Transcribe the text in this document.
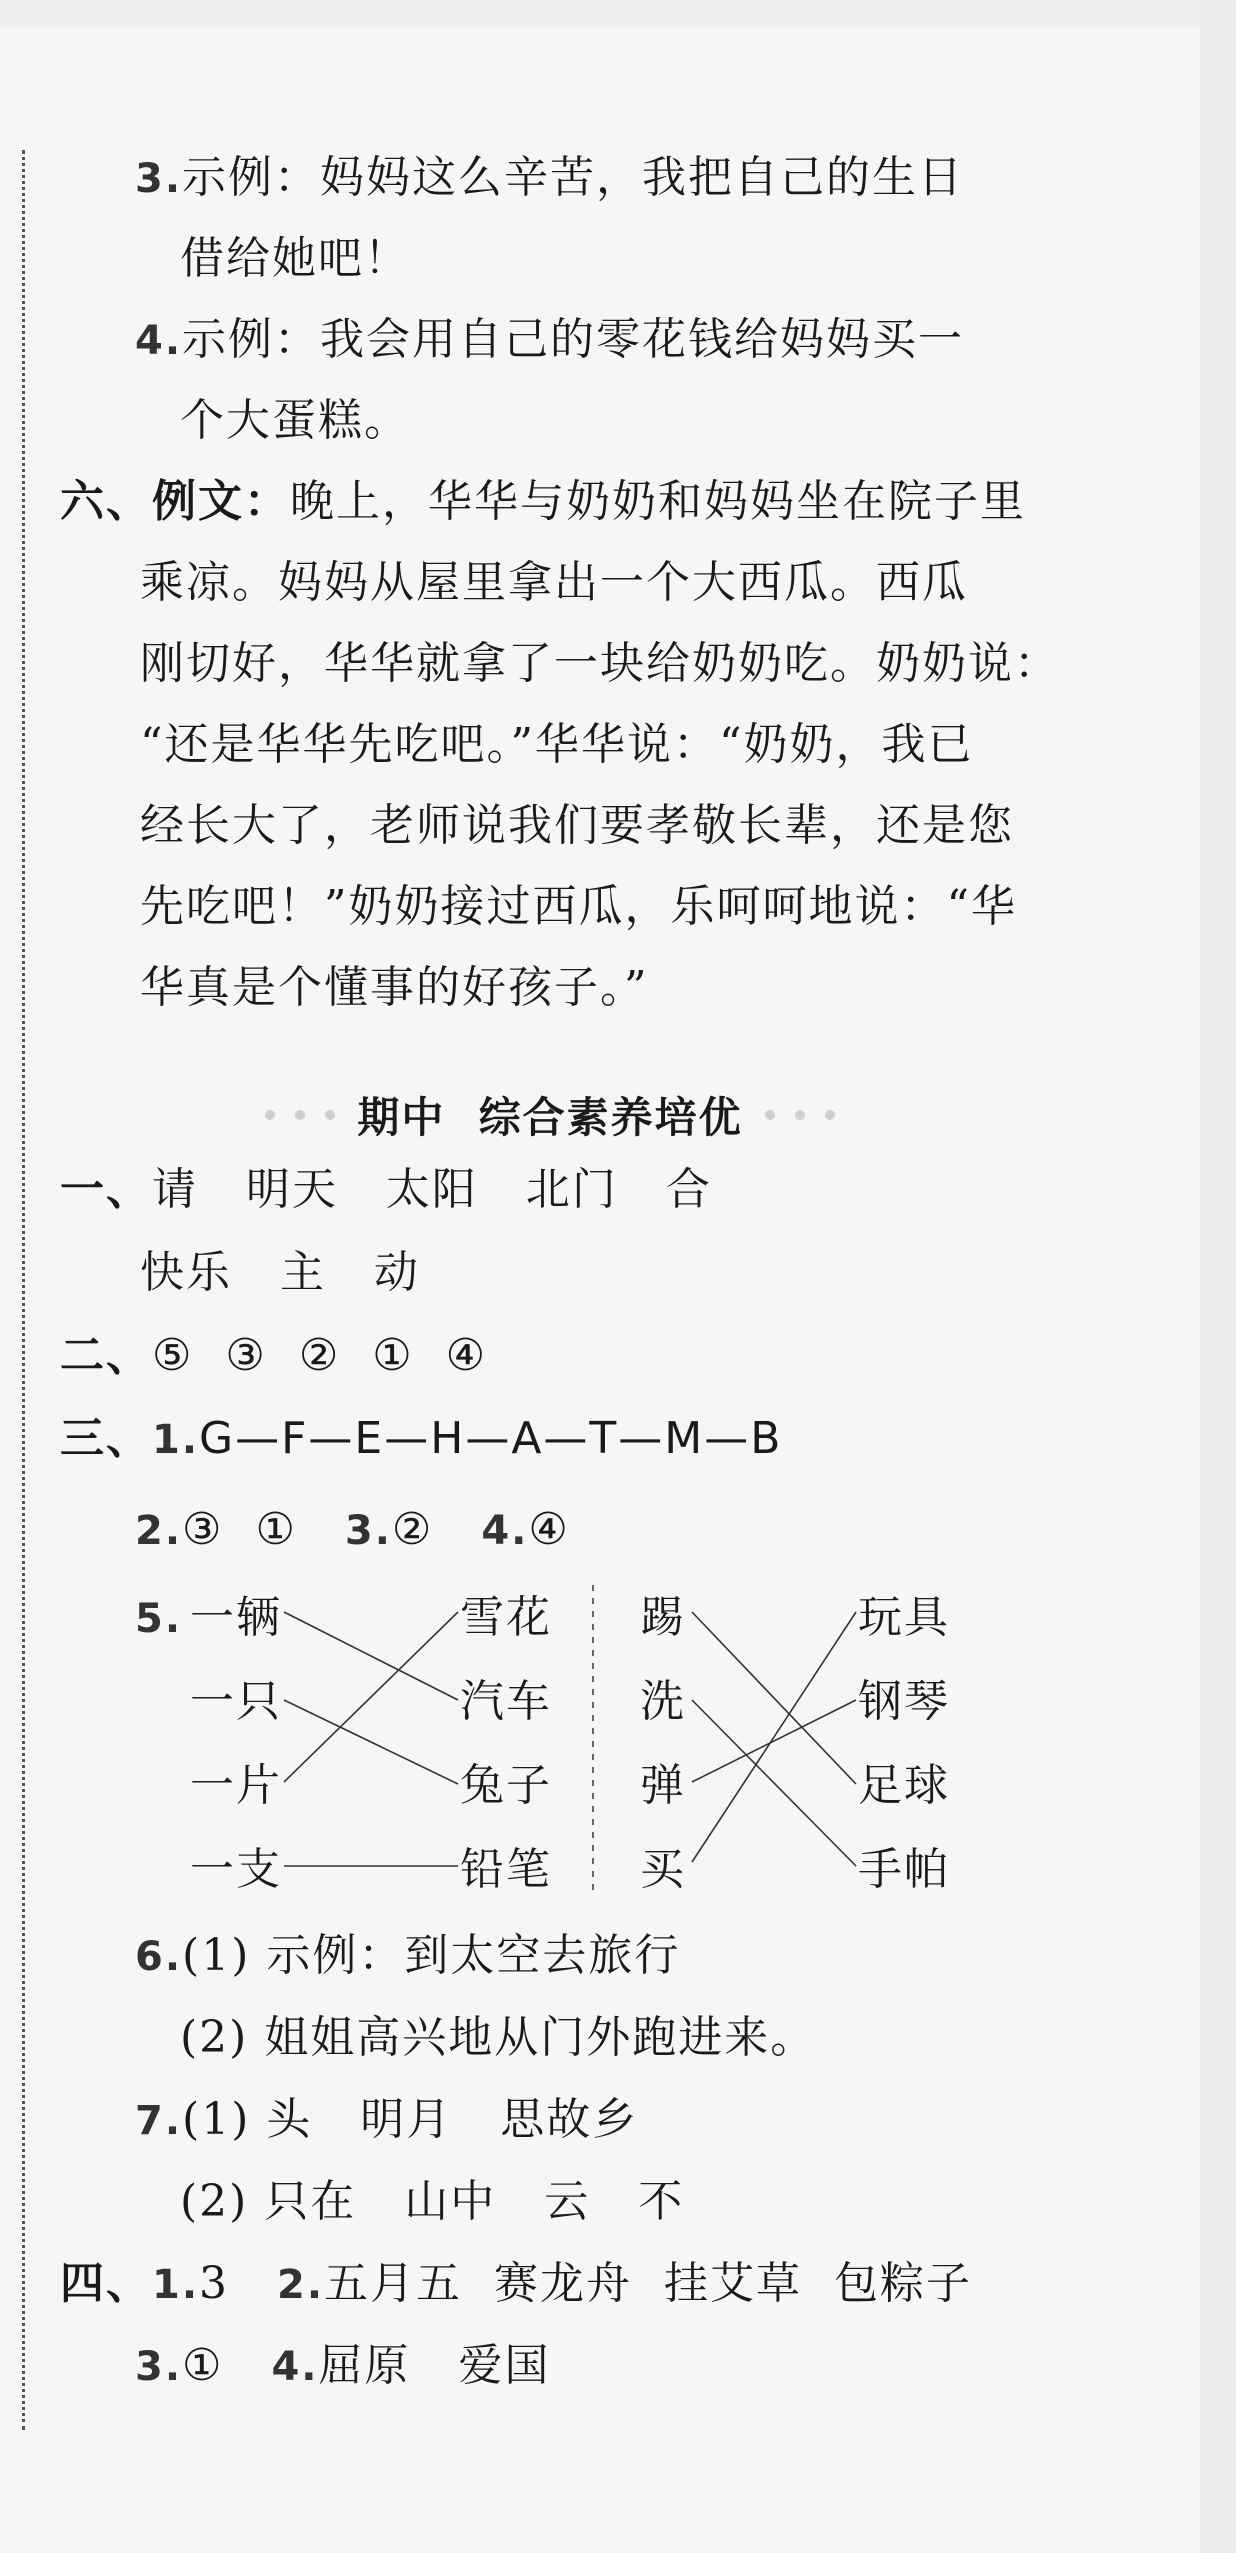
3.示例：妈妈这么辛苦，我把自己的生日
借给她吧！
4.示例：我会用自己的零花钱给妈妈买一
个大蛋糕。
六、例文：晚上，华华与奶奶和妈妈坐在院子里
乘凉。妈妈从屋里拿出一个大西瓜。西瓜
刚切好，华华就拿了一块给奶奶吃。奶奶说：
“还是华华先吃吧。”华华说：“奶奶，我已
经长大了，老师说我们要孝敬长辈，还是您
先吃吧！”奶奶接过西瓜，乐呵呵地说：“华
华真是个懂事的好孩子。”
期中  综合素养培优
一、请   明天   太阳   北门   合
快乐   主   动
二、⑤  ③  ②  ①  ④
三、1.G—F—E—H—A—T—M—B
2.③  ① 3.② 4.④
5. 一辆
一只
一片
一支
雪花
汽车
兔子
铅笔
踢
洗
弹
买
玩具
钢琴
足球
手帕
6.(1) 示例：到太空去旅行
(2) 姐姐高兴地从门外跑进来。
7.(1) 头   明月   思故乡
(2) 只在   山中   云   不
四、1.3 2.五月五  赛龙舟  挂艾草  包粽子
3.① 4.屈原   爱国
